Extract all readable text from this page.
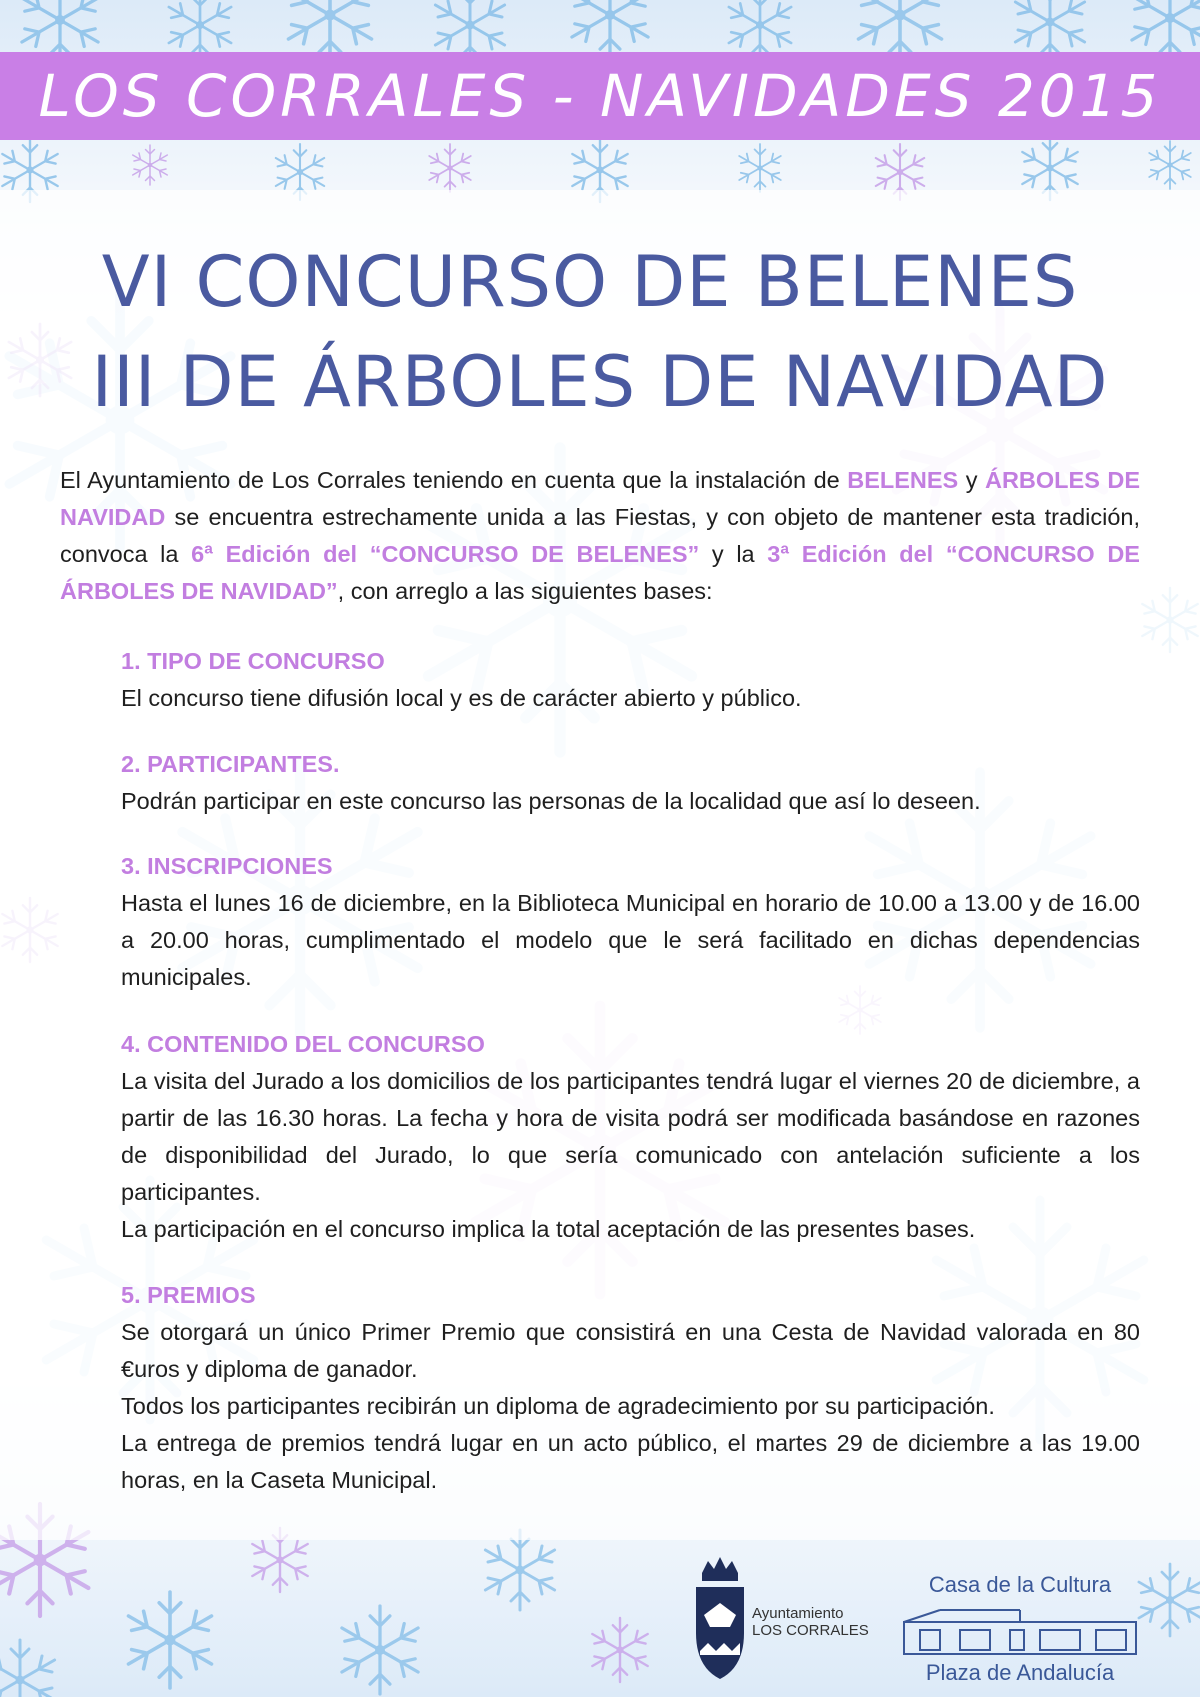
LOS CORRALES - NAVIDADES 2015
VI CONCURSO DE BELENES
III DE ÁRBOLES DE NAVIDAD
El Ayuntamiento de Los Corrales teniendo en cuenta que la instalación de BELENES y ÁRBOLES DE NAVIDAD se encuentra estrechamente unida a las Fiestas, y con objeto de mantener esta tradición, convoca la 6ª Edición del “CONCURSO DE BELENES” y la 3ª Edición del “CONCURSO DE ÁRBOLES DE NAVIDAD”, con arreglo a las siguientes bases:
1. TIPO DE CONCURSO
El concurso tiene difusión local y es de carácter abierto y público.
2. PARTICIPANTES.
Podrán participar en este concurso las personas de la localidad que así lo deseen.
3. INSCRIPCIONES
Hasta el lunes 16 de diciembre, en la Biblioteca Municipal en horario de 10.00 a 13.00 y de 16.00 a 20.00 horas, cumplimentado el modelo que le será facilitado en dichas dependencias municipales.
4. CONTENIDO DEL CONCURSO
La visita del Jurado a los domicilios de los participantes tendrá lugar el viernes 20 de diciembre, a partir de las 16.30 horas. La fecha y hora de visita podrá ser modificada basándose en razones de disponibilidad del Jurado, lo que sería comunicado con antelación suficiente a los participantes.
La participación en el concurso implica la total aceptación de las presentes bases.
5. PREMIOS
Se otorgará un único Primer Premio que consistirá en una Cesta de Navidad valorada en 80 €uros y diploma de ganador.
Todos los participantes recibirán un diploma de agradecimiento por su participación.
La entrega de premios tendrá lugar en un acto público, el martes 29 de diciembre a las 19.00 horas, en la Caseta Municipal.
Ayuntamiento
LOS CORRALES
Casa de la Cultura
Plaza de Andalucía
